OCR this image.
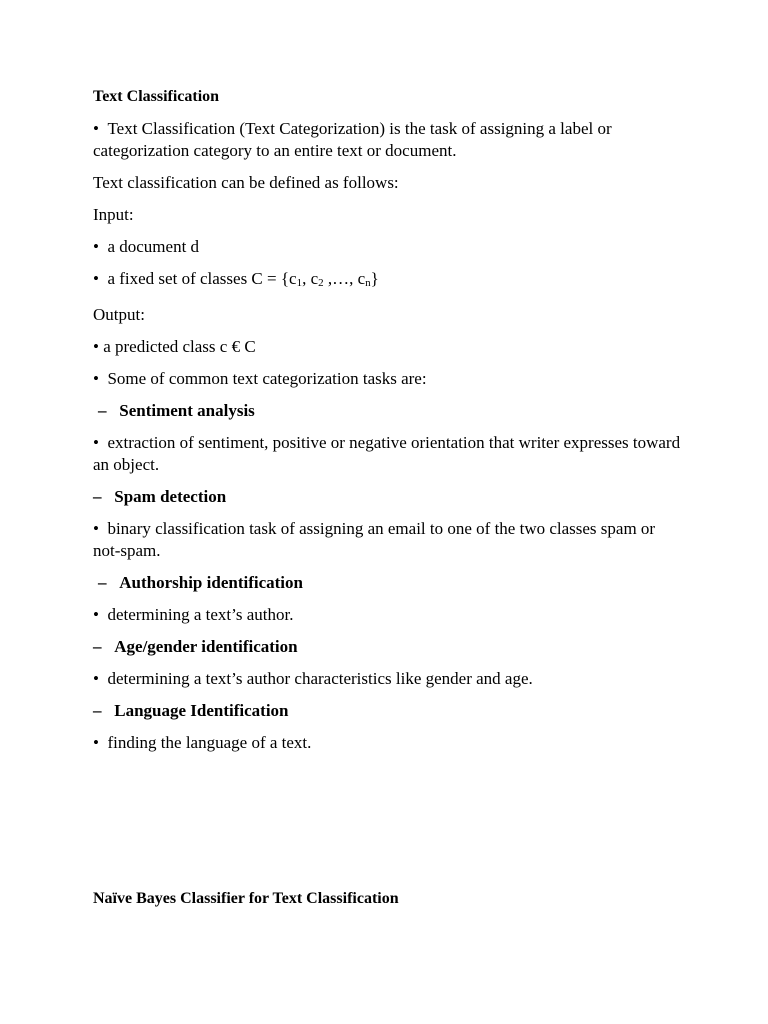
Text Classification

• Text Classification (Text Categorization) is the task of assigning a label or categorization category to an entire text or document.

Text classification can be defined as follows:

Input:

• a document d

• a fixed set of classes C = {c1, c2 ,…, cn}

Output:

• a predicted class c € C

• Some of common text categorization tasks are:

– Sentiment analysis

• extraction of sentiment, positive or negative orientation that writer expresses toward an object.

– Spam detection

• binary classification task of assigning an email to one of the two classes spam or not-spam.

– Authorship identification

• determining a text’s author.

– Age/gender identification

• determining a text’s author characteristics like gender and age.

– Language Identification

• finding the language of a text.

Naïve Bayes Classifier for Text Classification
